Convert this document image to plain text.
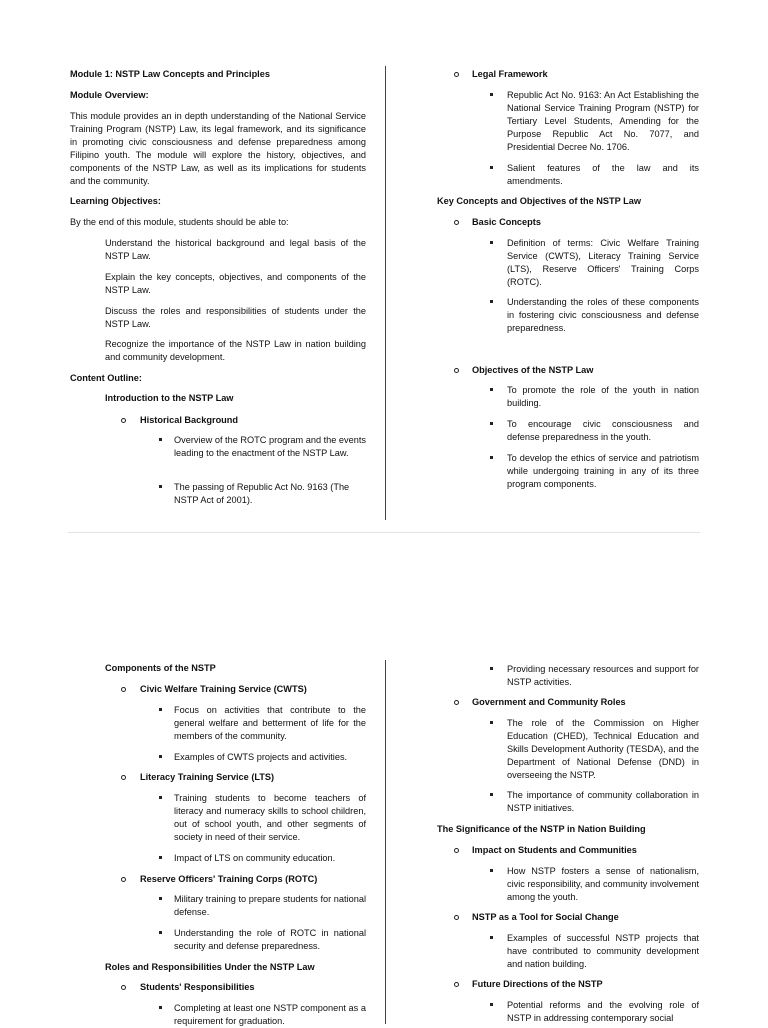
Module 1: NSTP Law Concepts and Principles
Module Overview:
This module provides an in depth understanding of the National Service Training Program (NSTP) Law, its legal framework, and its significance in promoting civic consciousness and defense preparedness among Filipino youth. The module will explore the history, objectives, and components of the NSTP Law, as well as its implications for students and the community.
Learning Objectives:
By the end of this module, students should be able to:
Understand the historical background and legal basis of the NSTP Law.
Explain the key concepts, objectives, and components of the NSTP Law.
Discuss the roles and responsibilities of students under the NSTP Law.
Recognize the importance of the NSTP Law in nation building and community development.
Content Outline:
Introduction to the NSTP Law
Historical Background
Overview of the ROTC program and the events leading to the enactment of the NSTP Law.
The passing of Republic Act No. 9163 (The NSTP Act of 2001).
Legal Framework
Republic Act No. 9163: An Act Establishing the National Service Training Program (NSTP) for Tertiary Level Students, Amending for the Purpose Republic Act No. 7077, and Presidential Decree No. 1706.
Salient features of the law and its amendments.
Key Concepts and Objectives of the NSTP Law
Basic Concepts
Definition of terms: Civic Welfare Training Service (CWTS), Literacy Training Service (LTS), Reserve Officers' Training Corps (ROTC).
Understanding the roles of these components in fostering civic consciousness and defense preparedness.
Objectives of the NSTP Law
To promote the role of the youth in nation building.
To encourage civic consciousness and defense preparedness in the youth.
To develop the ethics of service and patriotism while undergoing training in any of its three program components.
Components of the NSTP
Civic Welfare Training Service (CWTS)
Focus on activities that contribute to the general welfare and betterment of life for the members of the community.
Examples of CWTS projects and activities.
Literacy Training Service (LTS)
Training students to become teachers of literacy and numeracy skills to school children, out of school youth, and other segments of society in need of their service.
Impact of LTS on community education.
Reserve Officers' Training Corps (ROTC)
Military training to prepare students for national defense.
Understanding the role of ROTC in national security and defense preparedness.
Roles and Responsibilities Under the NSTP Law
Students' Responsibilities
Completing at least one NSTP component as a requirement for graduation.
Providing necessary resources and support for NSTP activities.
Government and Community Roles
The role of the Commission on Higher Education (CHED), Technical Education and Skills Development Authority (TESDA), and the Department of National Defense (DND) in overseeing the NSTP.
The importance of community collaboration in NSTP initiatives.
The Significance of the NSTP in Nation Building
Impact on Students and Communities
How NSTP fosters a sense of nationalism, civic responsibility, and community involvement among the youth.
NSTP as a Tool for Social Change
Examples of successful NSTP projects that have contributed to community development and nation building.
Future Directions of the NSTP
Potential reforms and the evolving role of NSTP in addressing contemporary social
